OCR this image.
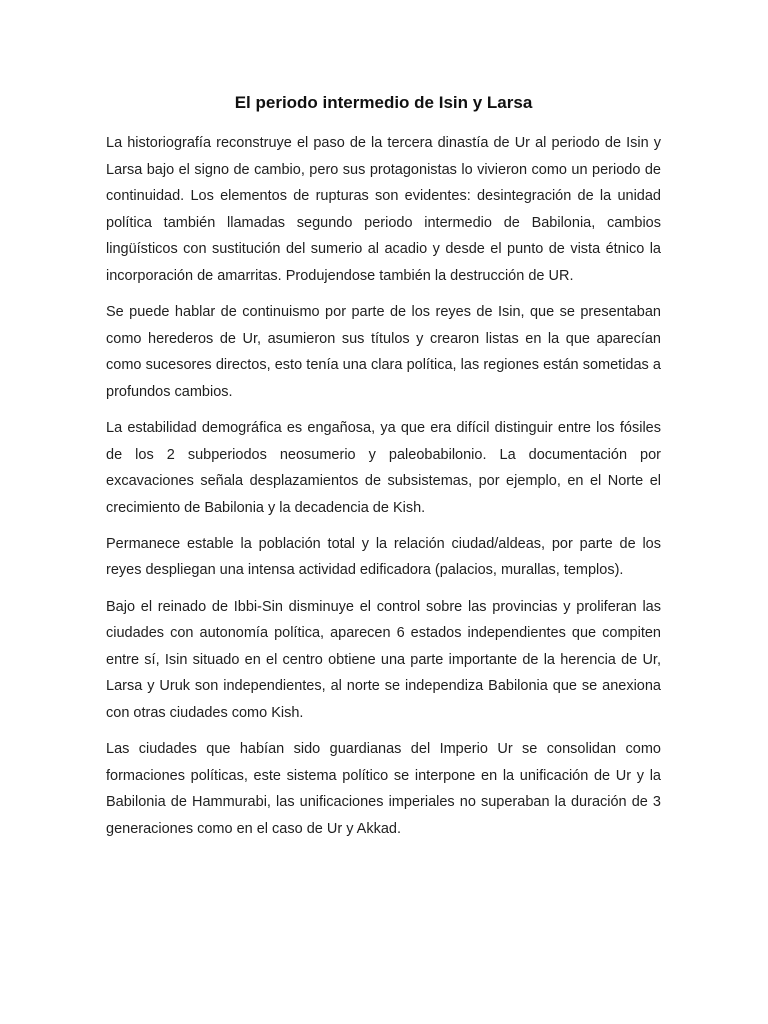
El periodo intermedio de Isin y Larsa

La historiografía reconstruye el paso de la tercera dinastía de Ur al periodo de Isin y Larsa bajo el signo de cambio, pero sus protagonistas lo vivieron como un periodo de continuidad. Los elementos de rupturas son evidentes: desintegración de la unidad política también llamadas segundo periodo intermedio de Babilonia, cambios lingüísticos con sustitución del sumerio al acadio y desde el punto de vista étnico la incorporación de amarritas. Produjendose también la destrucción de UR.

Se puede hablar de continuismo por parte de los reyes de Isin, que se presentaban como herederos de Ur, asumieron sus títulos y crearon listas en la que aparecían como sucesores directos, esto tenía una clara política, las regiones están sometidas a profundos cambios.

La estabilidad demográfica es engañosa, ya que era difícil distinguir entre los fósiles de los 2 subperiodos neosumerio y paleobabilonio. La documentación por excavaciones señala desplazamientos de subsistemas, por ejemplo, en el Norte el crecimiento de Babilonia y la decadencia de Kish.

Permanece estable la población total y la relación ciudad/aldeas, por parte de los reyes despliegan una intensa actividad edificadora (palacios, murallas, templos).

Bajo el reinado de Ibbi-Sin disminuye el control sobre las provincias y proliferan las ciudades con autonomía política, aparecen 6 estados independientes que compiten entre sí, Isin situado en el centro obtiene una parte importante de la herencia de Ur, Larsa y Uruk son independientes, al norte se independiza Babilonia que se anexiona con otras ciudades como Kish.

Las ciudades que habían sido guardianas del Imperio Ur se consolidan como formaciones políticas, este sistema político se interpone en la unificación de Ur y la Babilonia de Hammurabi, las unificaciones imperiales no superaban la duración de 3 generaciones como en el caso de Ur y Akkad.
